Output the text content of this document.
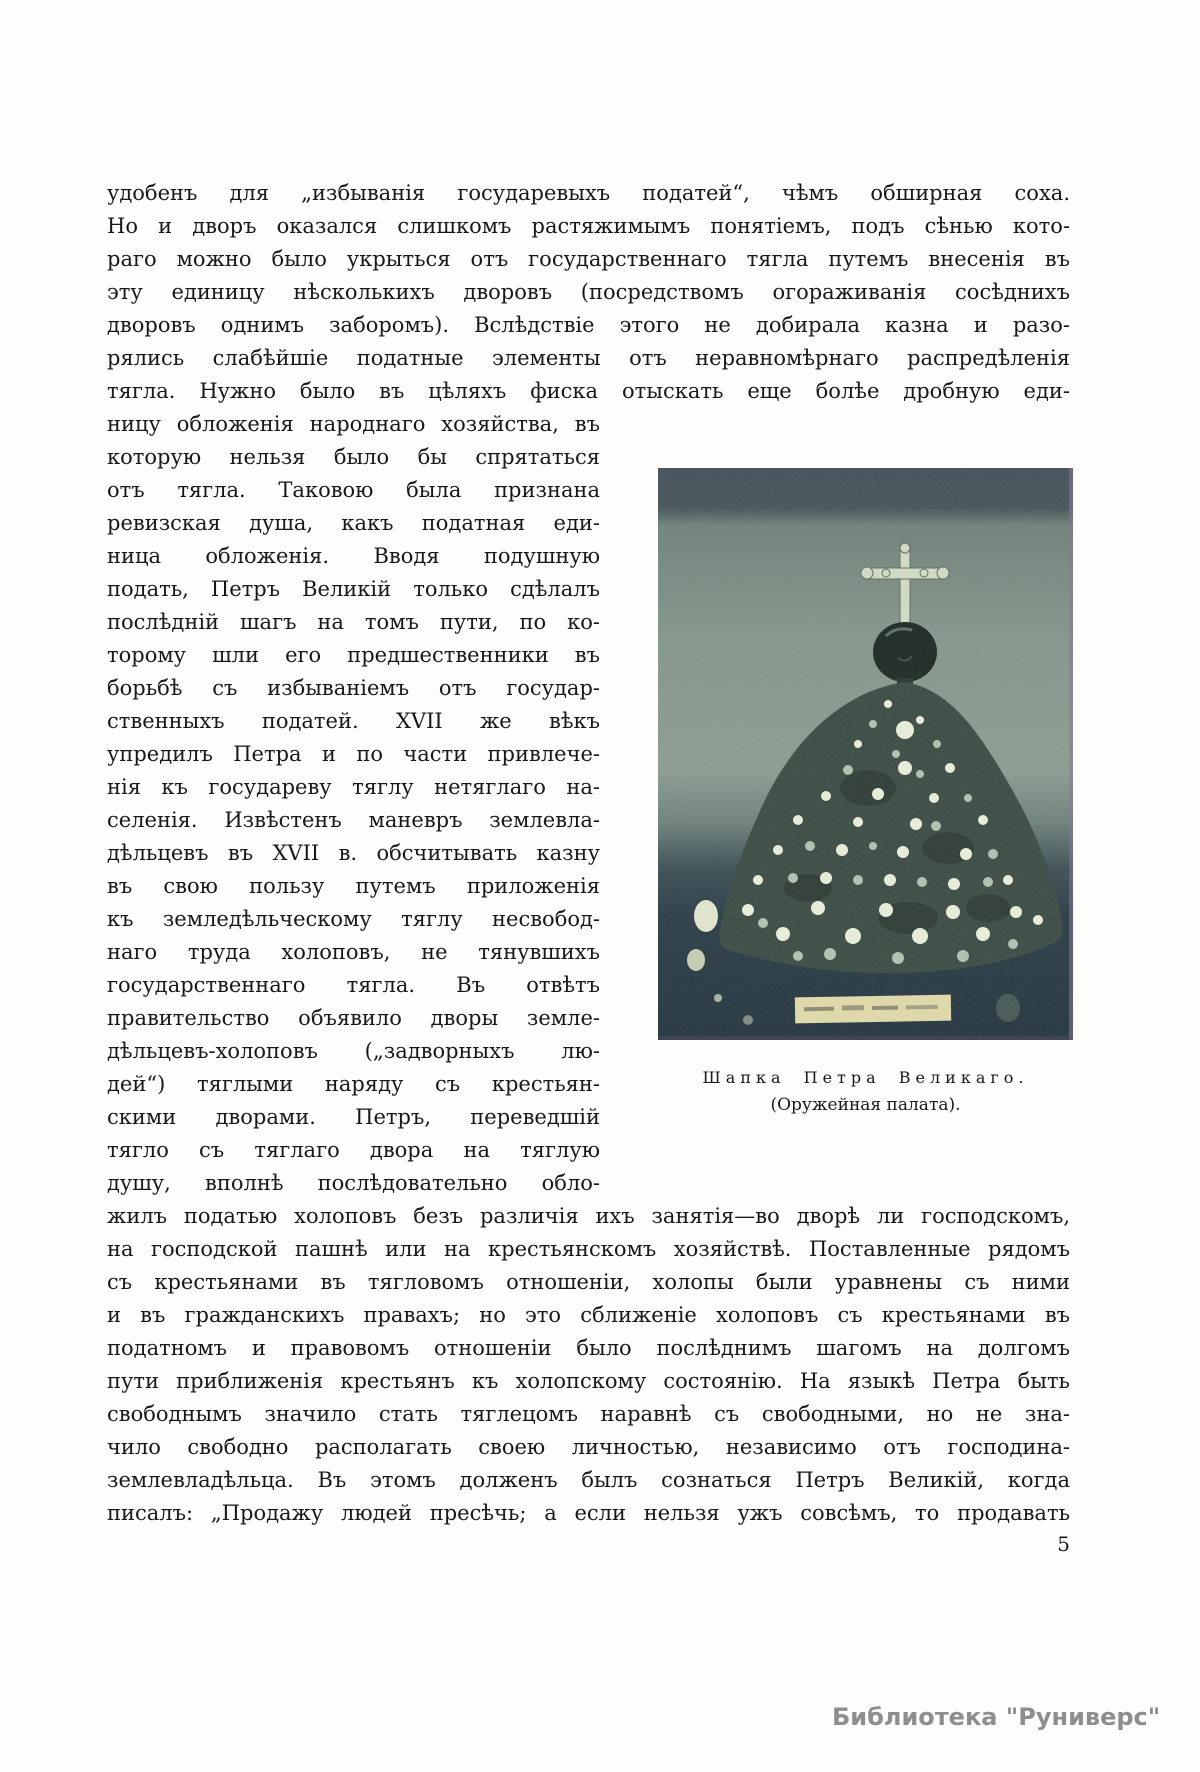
удобенъ для „избыванія государевыхъ податей“, чѣмъ обширная соха.
Но и дворъ оказался слишкомъ растяжимымъ понятіемъ, подъ сѣнью кото-
раго можно было укрыться отъ государственнаго тягла путемъ внесенія въ
эту единицу нѣсколькихъ дворовъ (посредствомъ огораживанія сосѣднихъ
дворовъ однимъ заборомъ). Вслѣдствіе этого не добирала казна и разо-
рялись слабѣйшіе податные элементы отъ неравномѣрнаго распредѣленія
тягла. Нужно было въ цѣляхъ фиска отыскать еще болѣе дробную еди-
ницу обложенія народнаго хозяйства, въ
которую нельзя было бы спрятаться
отъ тягла. Таковою была признана
ревизская душа, какъ податная еди-
ница обложенія. Вводя подушную
подать, Петръ Великій только сдѣлалъ
послѣдній шагъ на томъ пути, по ко-
торому шли его предшественники въ
борьбѣ съ избываніемъ отъ государ-
ственныхъ податей. XVII же вѣкъ
упредилъ Петра и по части привлече-
нія къ государеву тяглу нетяглаго на-
селенія. Извѣстенъ маневръ землевла-
дѣльцевъ въ XVII в. обсчитывать казну
въ свою пользу путемъ приложенія
къ земледѣльческому тяглу несвобод-
наго труда холоповъ, не тянувшихъ
государственнаго тягла. Въ отвѣтъ
правительство объявило дворы земле-
дѣльцевъ-холоповъ („задворныхъ лю-
дей“) тяглыми наряду съ крестьян-
скими дворами. Петръ, переведшій
тягло съ тяглаго двора на тяглую
душу, вполнѣ послѣдовательно обло-
жилъ податью холоповъ безъ различія ихъ занятія—во дворѣ ли господскомъ,
на господской пашнѣ или на крестьянскомъ хозяйствѣ. Поставленные рядомъ
съ крестьянами въ тягловомъ отношеніи, холопы были уравнены съ ними
и въ гражданскихъ правахъ; но это сближеніе холоповъ съ крестьянами въ
податномъ и правовомъ отношеніи было послѣднимъ шагомъ на долгомъ
пути приближенія крестьянъ къ холопскому состоянію. На языкѣ Петра быть
свободнымъ значило стать тяглецомъ наравнѣ съ свободными, но не зна-
чило свободно располагать своею личностью, независимо отъ господина-
землевладѣльца. Въ этомъ долженъ былъ сознаться Петръ Великій, когда
писалъ: „Продажу людей пресѣчь; а если нельзя ужъ совсѣмъ, то продавать
Шапка Петра Великаго.
(Оружейная палата).
5
Библиотека "Руниверс"
